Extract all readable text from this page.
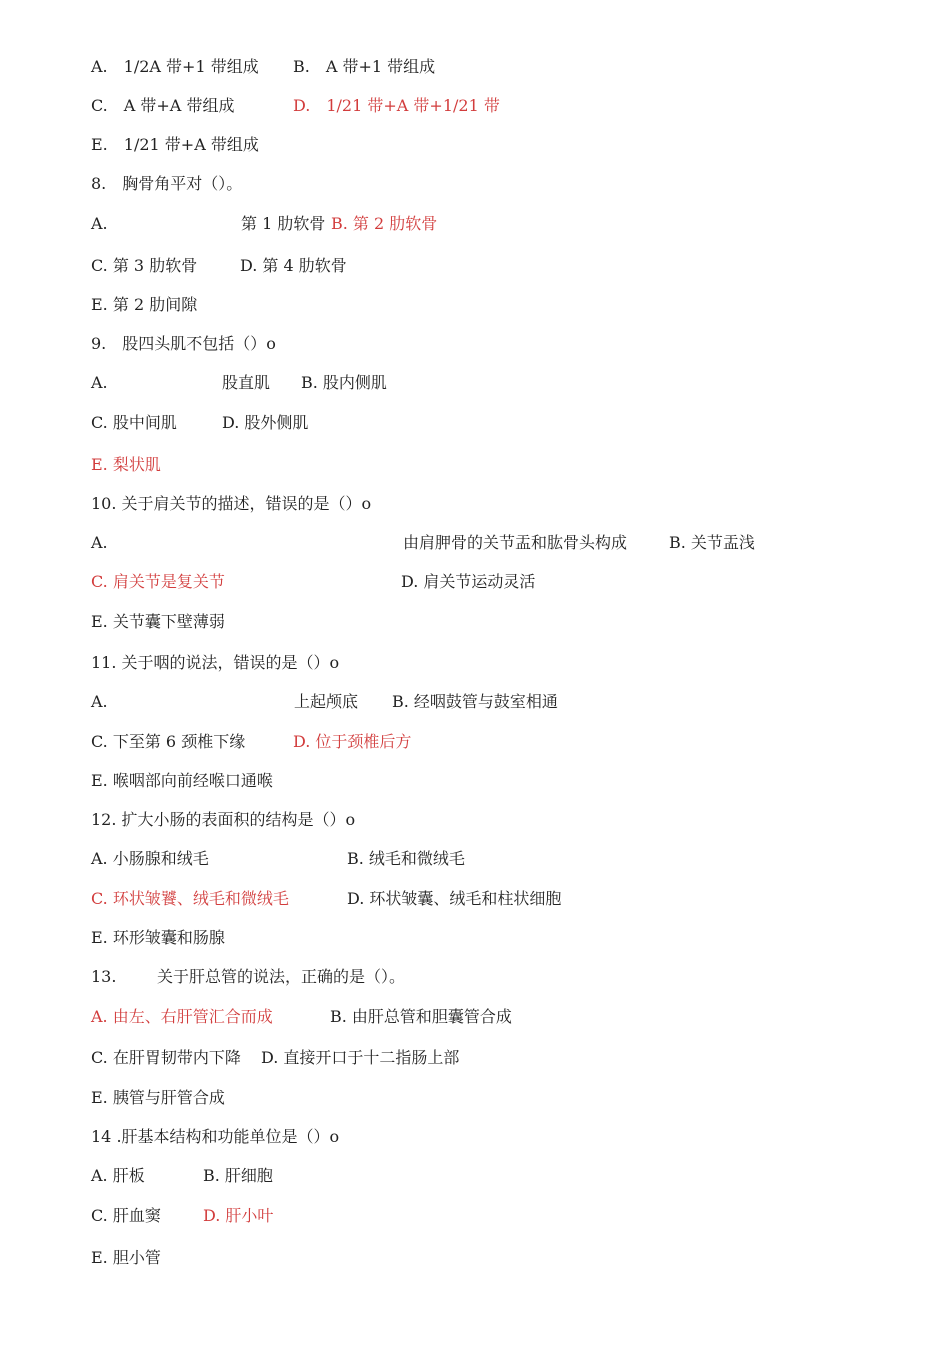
A.　1/2A 带+1 带组成 B.　A 带+1 带组成
C.　A 带+A 带组成	D.　1/21 带+A 带+1/21 带
E.　1/21 带+A 带组成
8.　胸骨角平对（）。
A.	第 1 肋软骨 B. 第 2 肋软骨
C. 第 3 肋软骨	D. 第 4 肋软骨
E. 第 2 肋间隙
9.　股四头肌不包括（）o
A.	股直肌 B. 股内侧肌
C. 股中间肌	D. 股外侧肌
E. 梨状肌
10. 关于肩关节的描述，错误的是（）o
A.	由肩胛骨的关节盂和肱骨头构成	B. 关节盂浅
C. 肩关节是复关节	D. 肩关节运动灵活
E. 关节囊下壁薄弱
11. 关于咽的说法，错误的是（）o
A.	上起颅底 B. 经咽鼓管与鼓室相通
C. 下至第 6 颈椎下缘	D. 位于颈椎后方
E. 喉咽部向前经喉口通喉
12. 扩大小肠的表面积的结构是（）o
A. 小肠腺和绒毛	B. 绒毛和微绒毛
C. 环状皱饕、绒毛和微绒毛	D. 环状皱囊、绒毛和柱状细胞
E. 环形皱囊和肠腺
13.	关于肝总管的说法，正确的是（）。
A. 由左、右肝管汇合而成	B. 由肝总管和胆囊管合成
C. 在肝胃韧带内下降 D. 直接开口于十二指肠上部
E. 胰管与肝管合成
14 .肝基本结构和功能单位是（）o
A. 肝板	B. 肝细胞
C. 肝血窦	D. 肝小叶
E. 胆小管
